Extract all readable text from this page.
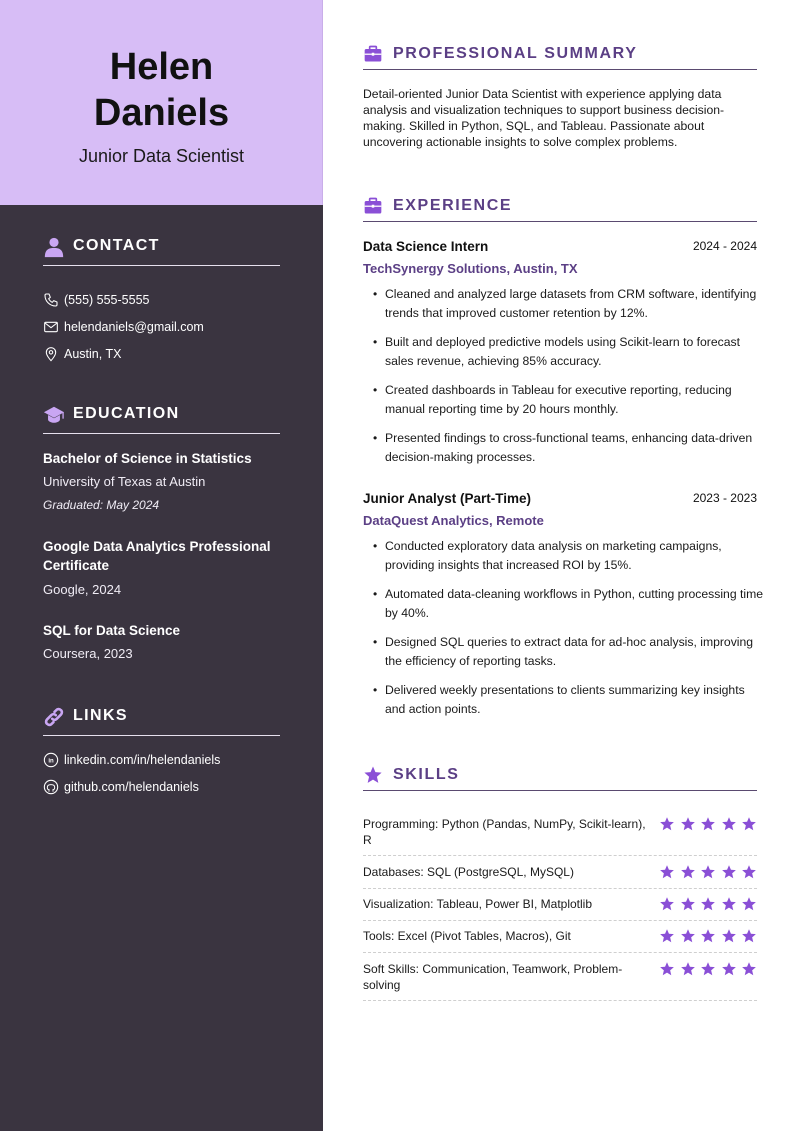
Helen
Daniels
Junior Data Scientist
CONTACT
(555) 555-5555
helendaniels@gmail.com
Austin, TX
EDUCATION
Bachelor of Science in Statistics
University of Texas at Austin
Graduated: May 2024
Google Data Analytics Professional Certificate
Google, 2024
SQL for Data Science
Coursera, 2023
LINKS
in linkedin.com/in/helendaniels
github.com/helendaniels
PROFESSIONAL SUMMARY
Detail-oriented Junior Data Scientist with experience applying data analysis and visualization techniques to support business decision-making. Skilled in Python, SQL, and Tableau. Passionate about uncovering actionable insights to solve complex problems.
EXPERIENCE
Data Science Intern	2024 - 2024
TechSynergy Solutions, Austin, TX
• Cleaned and analyzed large datasets from CRM software, identifying trends that improved customer retention by 12%.
• Built and deployed predictive models using Scikit-learn to forecast sales revenue, achieving 85% accuracy.
• Created dashboards in Tableau for executive reporting, reducing manual reporting time by 20 hours monthly.
• Presented findings to cross-functional teams, enhancing data-driven decision-making processes.
Junior Analyst (Part-Time)	2023 - 2023
DataQuest Analytics, Remote
• Conducted exploratory data analysis on marketing campaigns, providing insights that increased ROI by 15%.
• Automated data-cleaning workflows in Python, cutting processing time by 40%.
• Designed SQL queries to extract data for ad-hoc analysis, improving the efficiency of reporting tasks.
• Delivered weekly presentations to clients summarizing key insights and action points.
SKILLS
Programming: Python (Pandas, NumPy, Scikit-learn), R
Databases: SQL (PostgreSQL, MySQL)
Visualization: Tableau, Power BI, Matplotlib
Tools: Excel (Pivot Tables, Macros), Git
Soft Skills: Communication, Teamwork, Problem-solving
